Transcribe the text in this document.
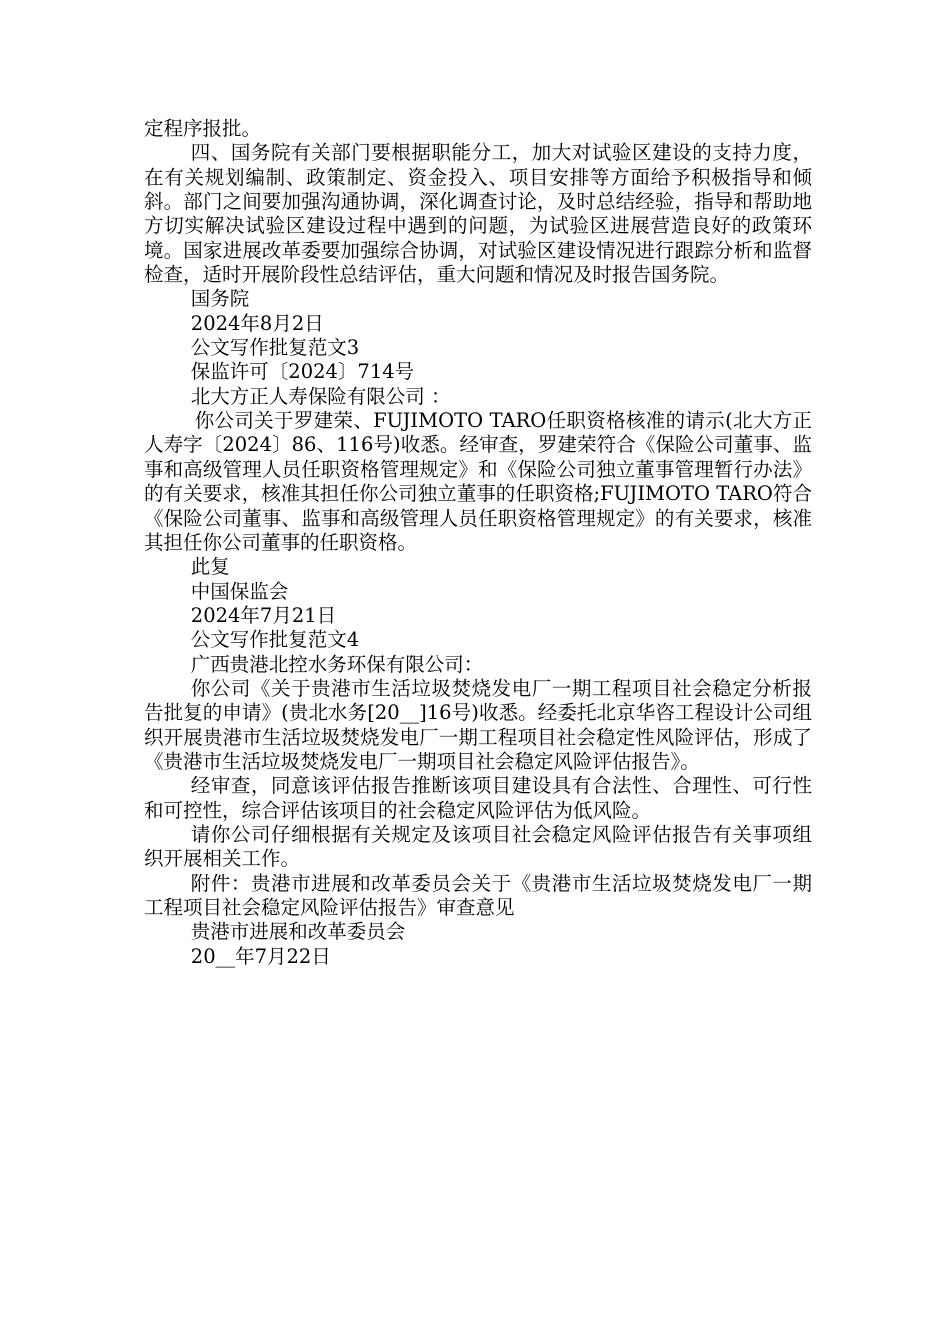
定程序报批。

四、国务院有关部门要根据职能分工，加大对试验区建设的支持力度，在有关规划编制、政策制定、资金投入、项目安排等方面给予积极指导和倾斜。部门之间要加强沟通协调，深化调查讨论，及时总结经验，指导和帮助地方切实解决试验区建设过程中遇到的问题，为试验区进展营造良好的政策环境。国家进展改革委要加强综合协调，对试验区建设情况进行跟踪分析和监督检查，适时开展阶段性总结评估，重大问题和情况及时报告国务院。

国务院

2024年8月2日

公文写作批复范文3

保监许可〔2024〕714号

北大方正人寿保险有限公司 ：

你公司关于罗建荣、FUJIMOTO TARO任职资格核准的请示(北大方正人寿字〔2024〕86、116号)收悉。经审查，罗建荣符合《保险公司董事、监事和高级管理人员任职资格管理规定》和《保险公司独立董事管理暂行办法》的有关要求，核准其担任你公司独立董事的任职资格;FUJIMOTO TARO符合《保险公司董事、监事和高级管理人员任职资格管理规定》的有关要求，核准其担任你公司董事的任职资格。

此复

中国保监会

2024年7月21日

公文写作批复范文4

广西贵港北控水务环保有限公司：

你公司《关于贵港市生活垃圾焚烧发电厂一期工程项目社会稳定分析报告批复的申请》(贵北水务[20__]16号)收悉。经委托北京华咨工程设计公司组织开展贵港市生活垃圾焚烧发电厂一期工程项目社会稳定性风险评估，形成了《贵港市生活垃圾焚烧发电厂一期项目社会稳定风险评估报告》。

经审查，同意该评估报告推断该项目建设具有合法性、合理性、可行性和可控性，综合评估该项目的社会稳定风险评估为低风险。

请你公司仔细根据有关规定及该项目社会稳定风险评估报告有关事项组织开展相关工作。

附件：贵港市进展和改革委员会关于《贵港市生活垃圾焚烧发电厂一期工程项目社会稳定风险评估报告》审查意见

贵港市进展和改革委员会

20__年7月22日
